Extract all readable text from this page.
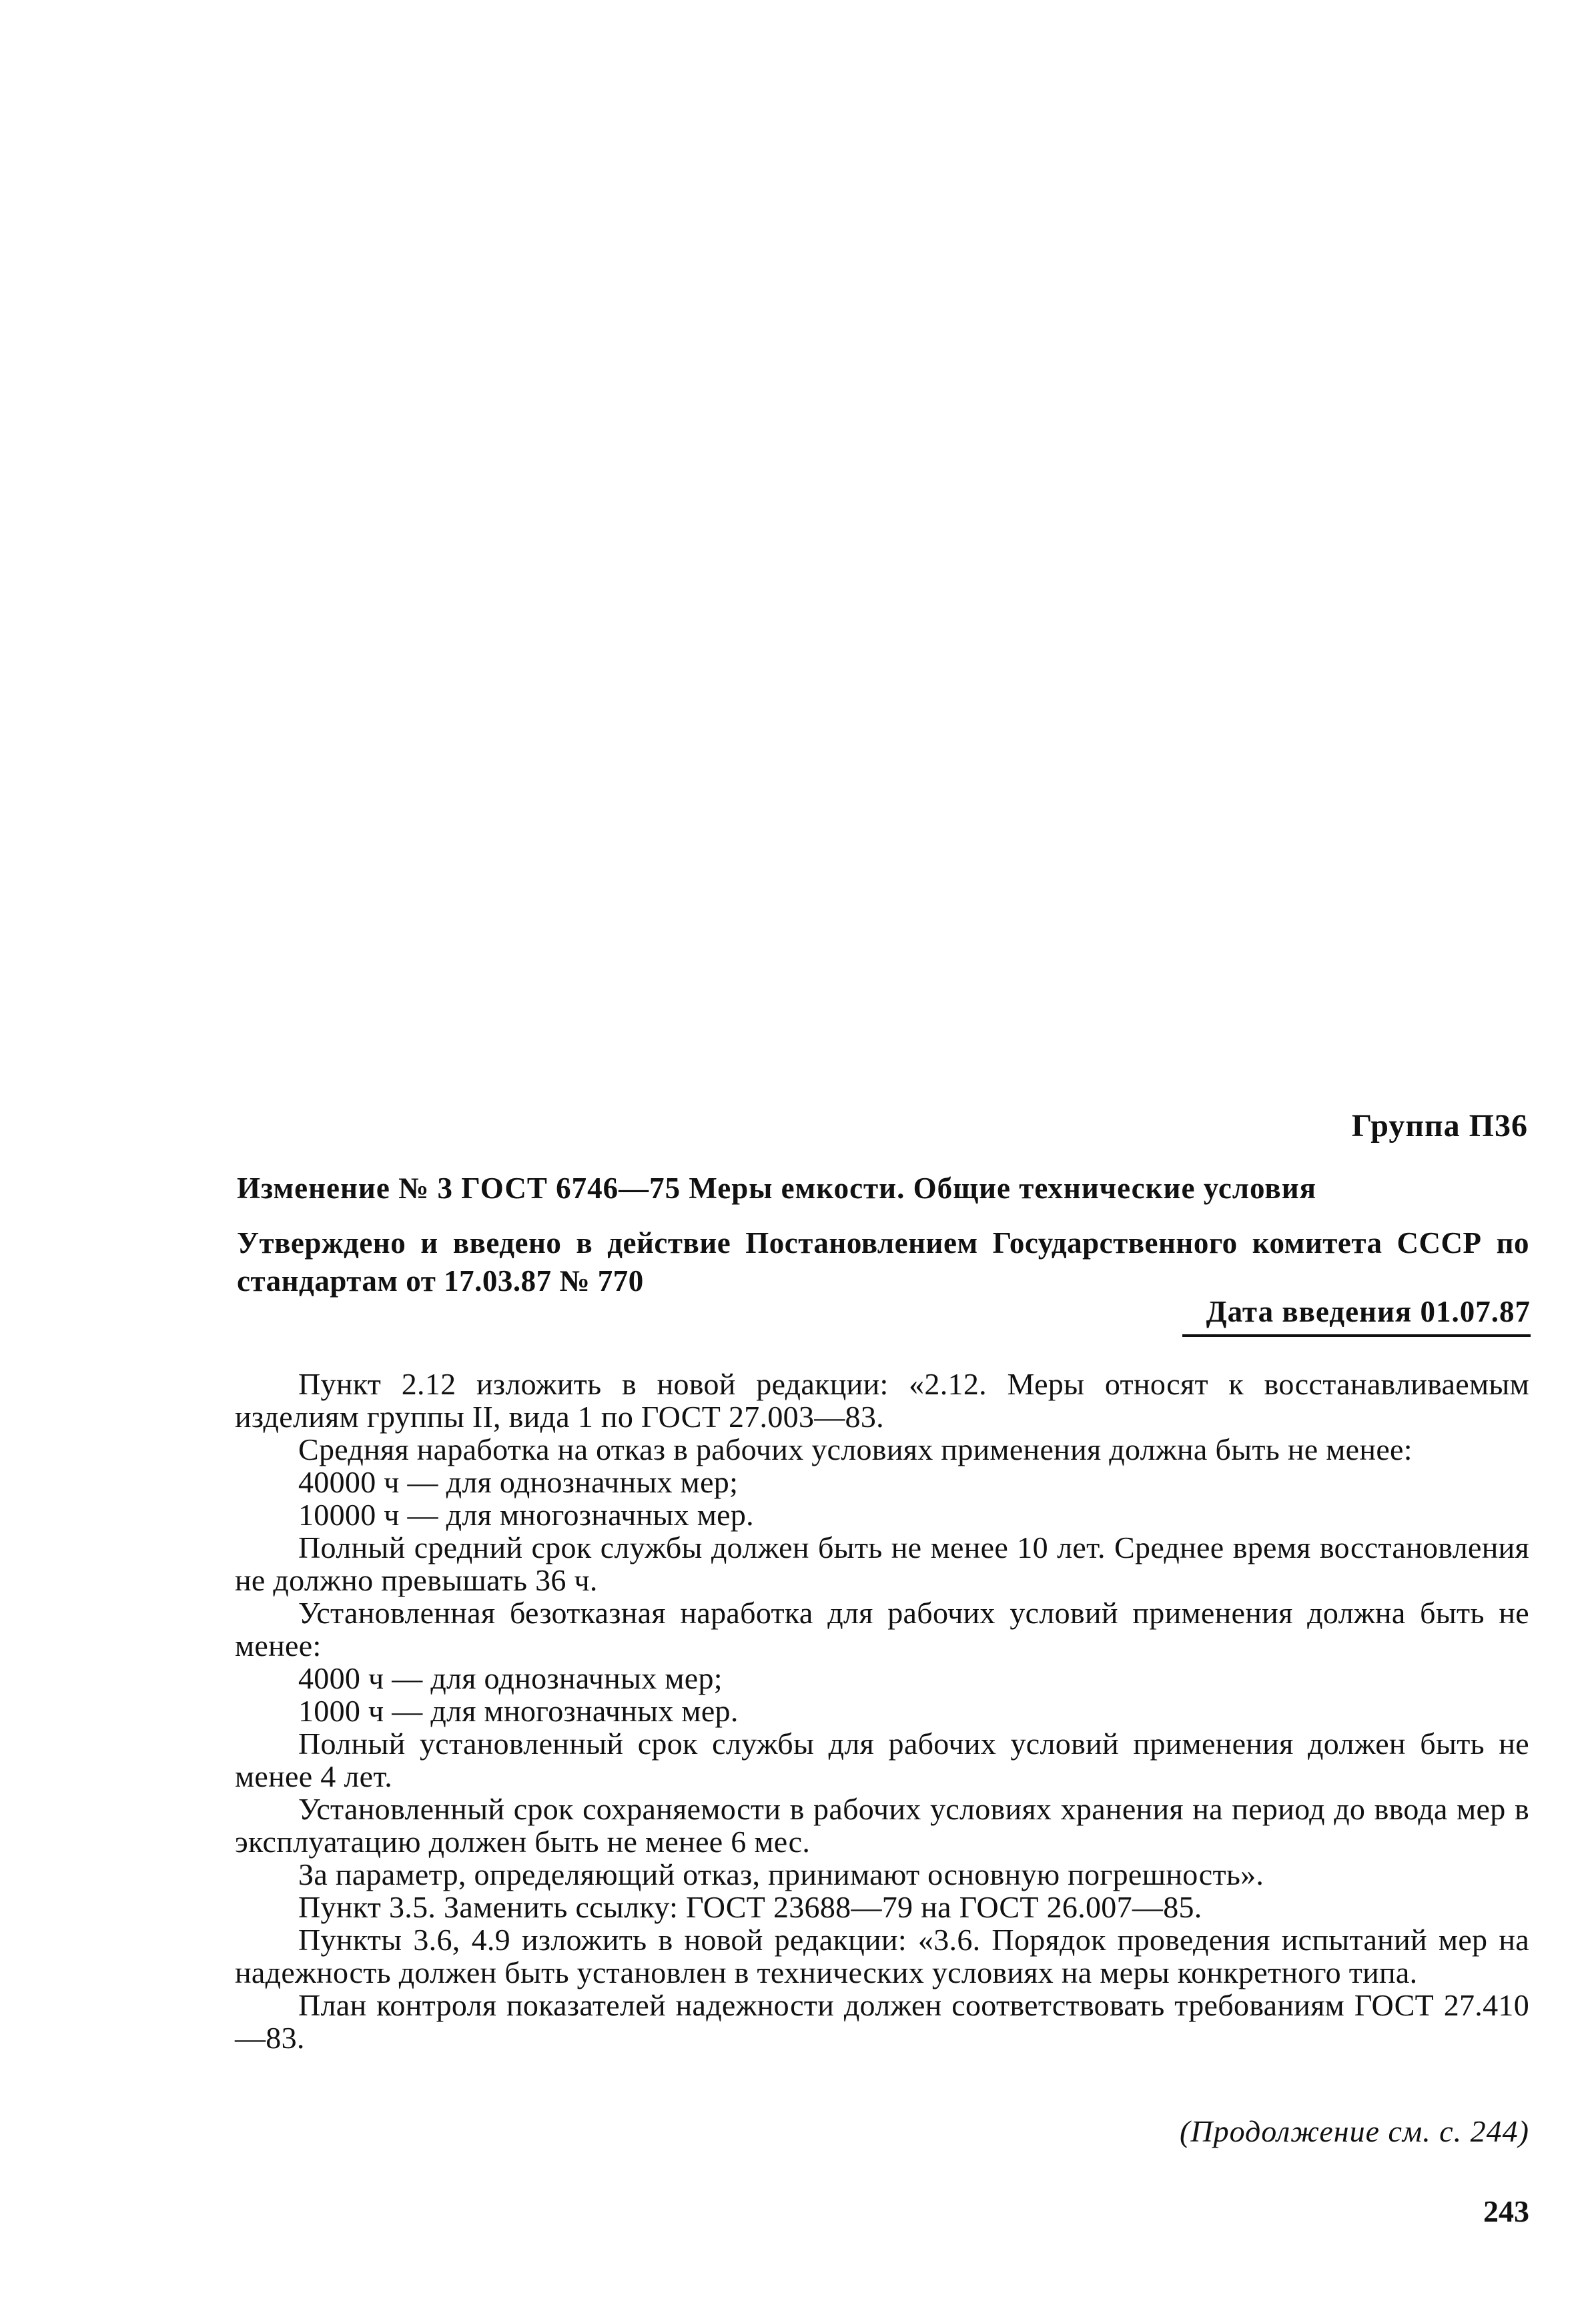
Группа П36
Изменение № 3 ГОСТ 6746—75 Меры емкости. Общие технические условия
Утверждено и введено в действие Постановлением Государственного комитета СССР по стандартам от 17.03.87 № 770
Дата введения 01.07.87

Пункт 2.12 изложить в новой редакции: «2.12. Меры относят к восстанавливаемым изделиям группы II, вида 1 по ГОСТ 27.003—83.

Средняя наработка на отказ в рабочих условиях применения должна быть не менее:

40000 ч — для однозначных мер;

10000 ч — для многозначных мер.

Полный средний срок службы должен быть не менее 10 лет. Среднее время восстановления не должно превышать 36 ч.

Установленная безотказная наработка для рабочих условий применения должна быть не менее:

4000 ч — для однозначных мер;

1000 ч — для многозначных мер.

Полный установленный срок службы для рабочих условий применения должен быть не менее 4 лет.

Установленный срок сохраняемости в рабочих условиях хранения на период до ввода мер в эксплуатацию должен быть не менее 6 мес.

За параметр, определяющий отказ, принимают основную погрешность».

Пункт 3.5. Заменить ссылку: ГОСТ 23688—79 на ГОСТ 26.007—85.

Пункты 3.6, 4.9 изложить в новой редакции: «3.6. Порядок проведения испытаний мер на надежность должен быть установлен в технических условиях на меры конкретного типа.

План контроля показателей надежности должен соответствовать требованиям ГОСТ 27.410—83.

(Продолжение см. с. 244)
243
